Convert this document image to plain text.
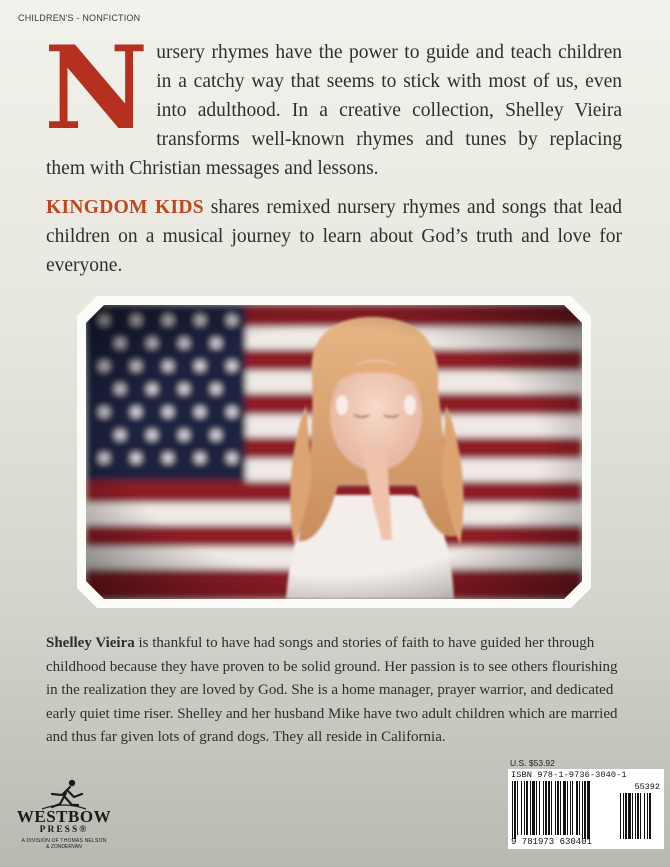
CHILDREN'S - NONFICTION
N ursery rhymes have the power to guide and teach children in a catchy way that seems to stick with most of us, even into adulthood. In a creative collection, Shelley Vieira transforms well-known rhymes and tunes by replacing them with Christian messages and lessons.
KINGDOM KIDS shares remixed nursery rhymes and songs that lead children on a musical journey to learn about God’s truth and love for everyone.
Shelley Vieira is thankful to have had songs and stories of faith to have guided her through childhood because they have proven to be solid ground. Her passion is to see others flourishing in the realization they are loved by God. She is a home manager, prayer warrior, and dedicated early quiet time riser. Shelley and her husband Mike have two adult children which are married and thus far given lots of grand dogs. They all reside in California.
U.S. $53.92
ISBN 978-1-9736-3040-1
55392
9 781973 630401
WESTBOW
PRESS®
A DIVISION OF THOMAS NELSON
& ZONDERVAN
